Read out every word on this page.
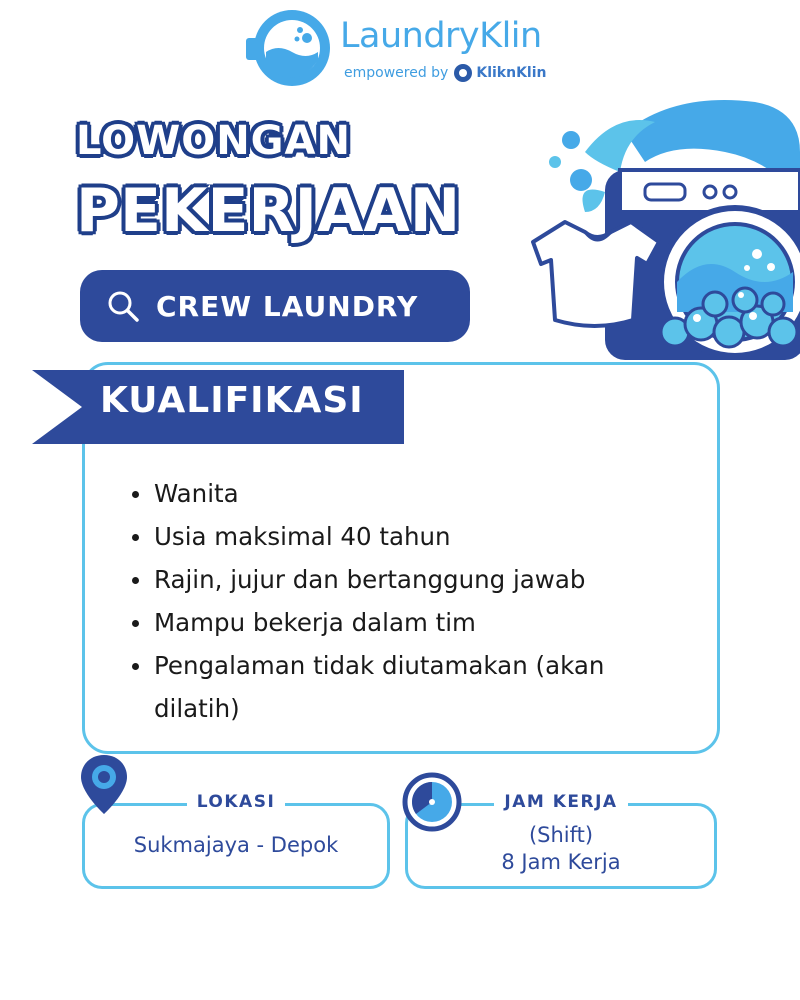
LaundryKlin
empowered by KliknKlin
LOWONGAN
PEKERJAAN
CREW LAUNDRY
KUALIFIKASI
Wanita
Usia maksimal 40 tahun
Rajin, jujur dan bertanggung jawab
Mampu bekerja dalam tim
Pengalaman tidak diutamakan (akan
dilatih)
LOKASI
Sukmajaya - Depok
JAM KERJA
(Shift)
8 Jam Kerja
